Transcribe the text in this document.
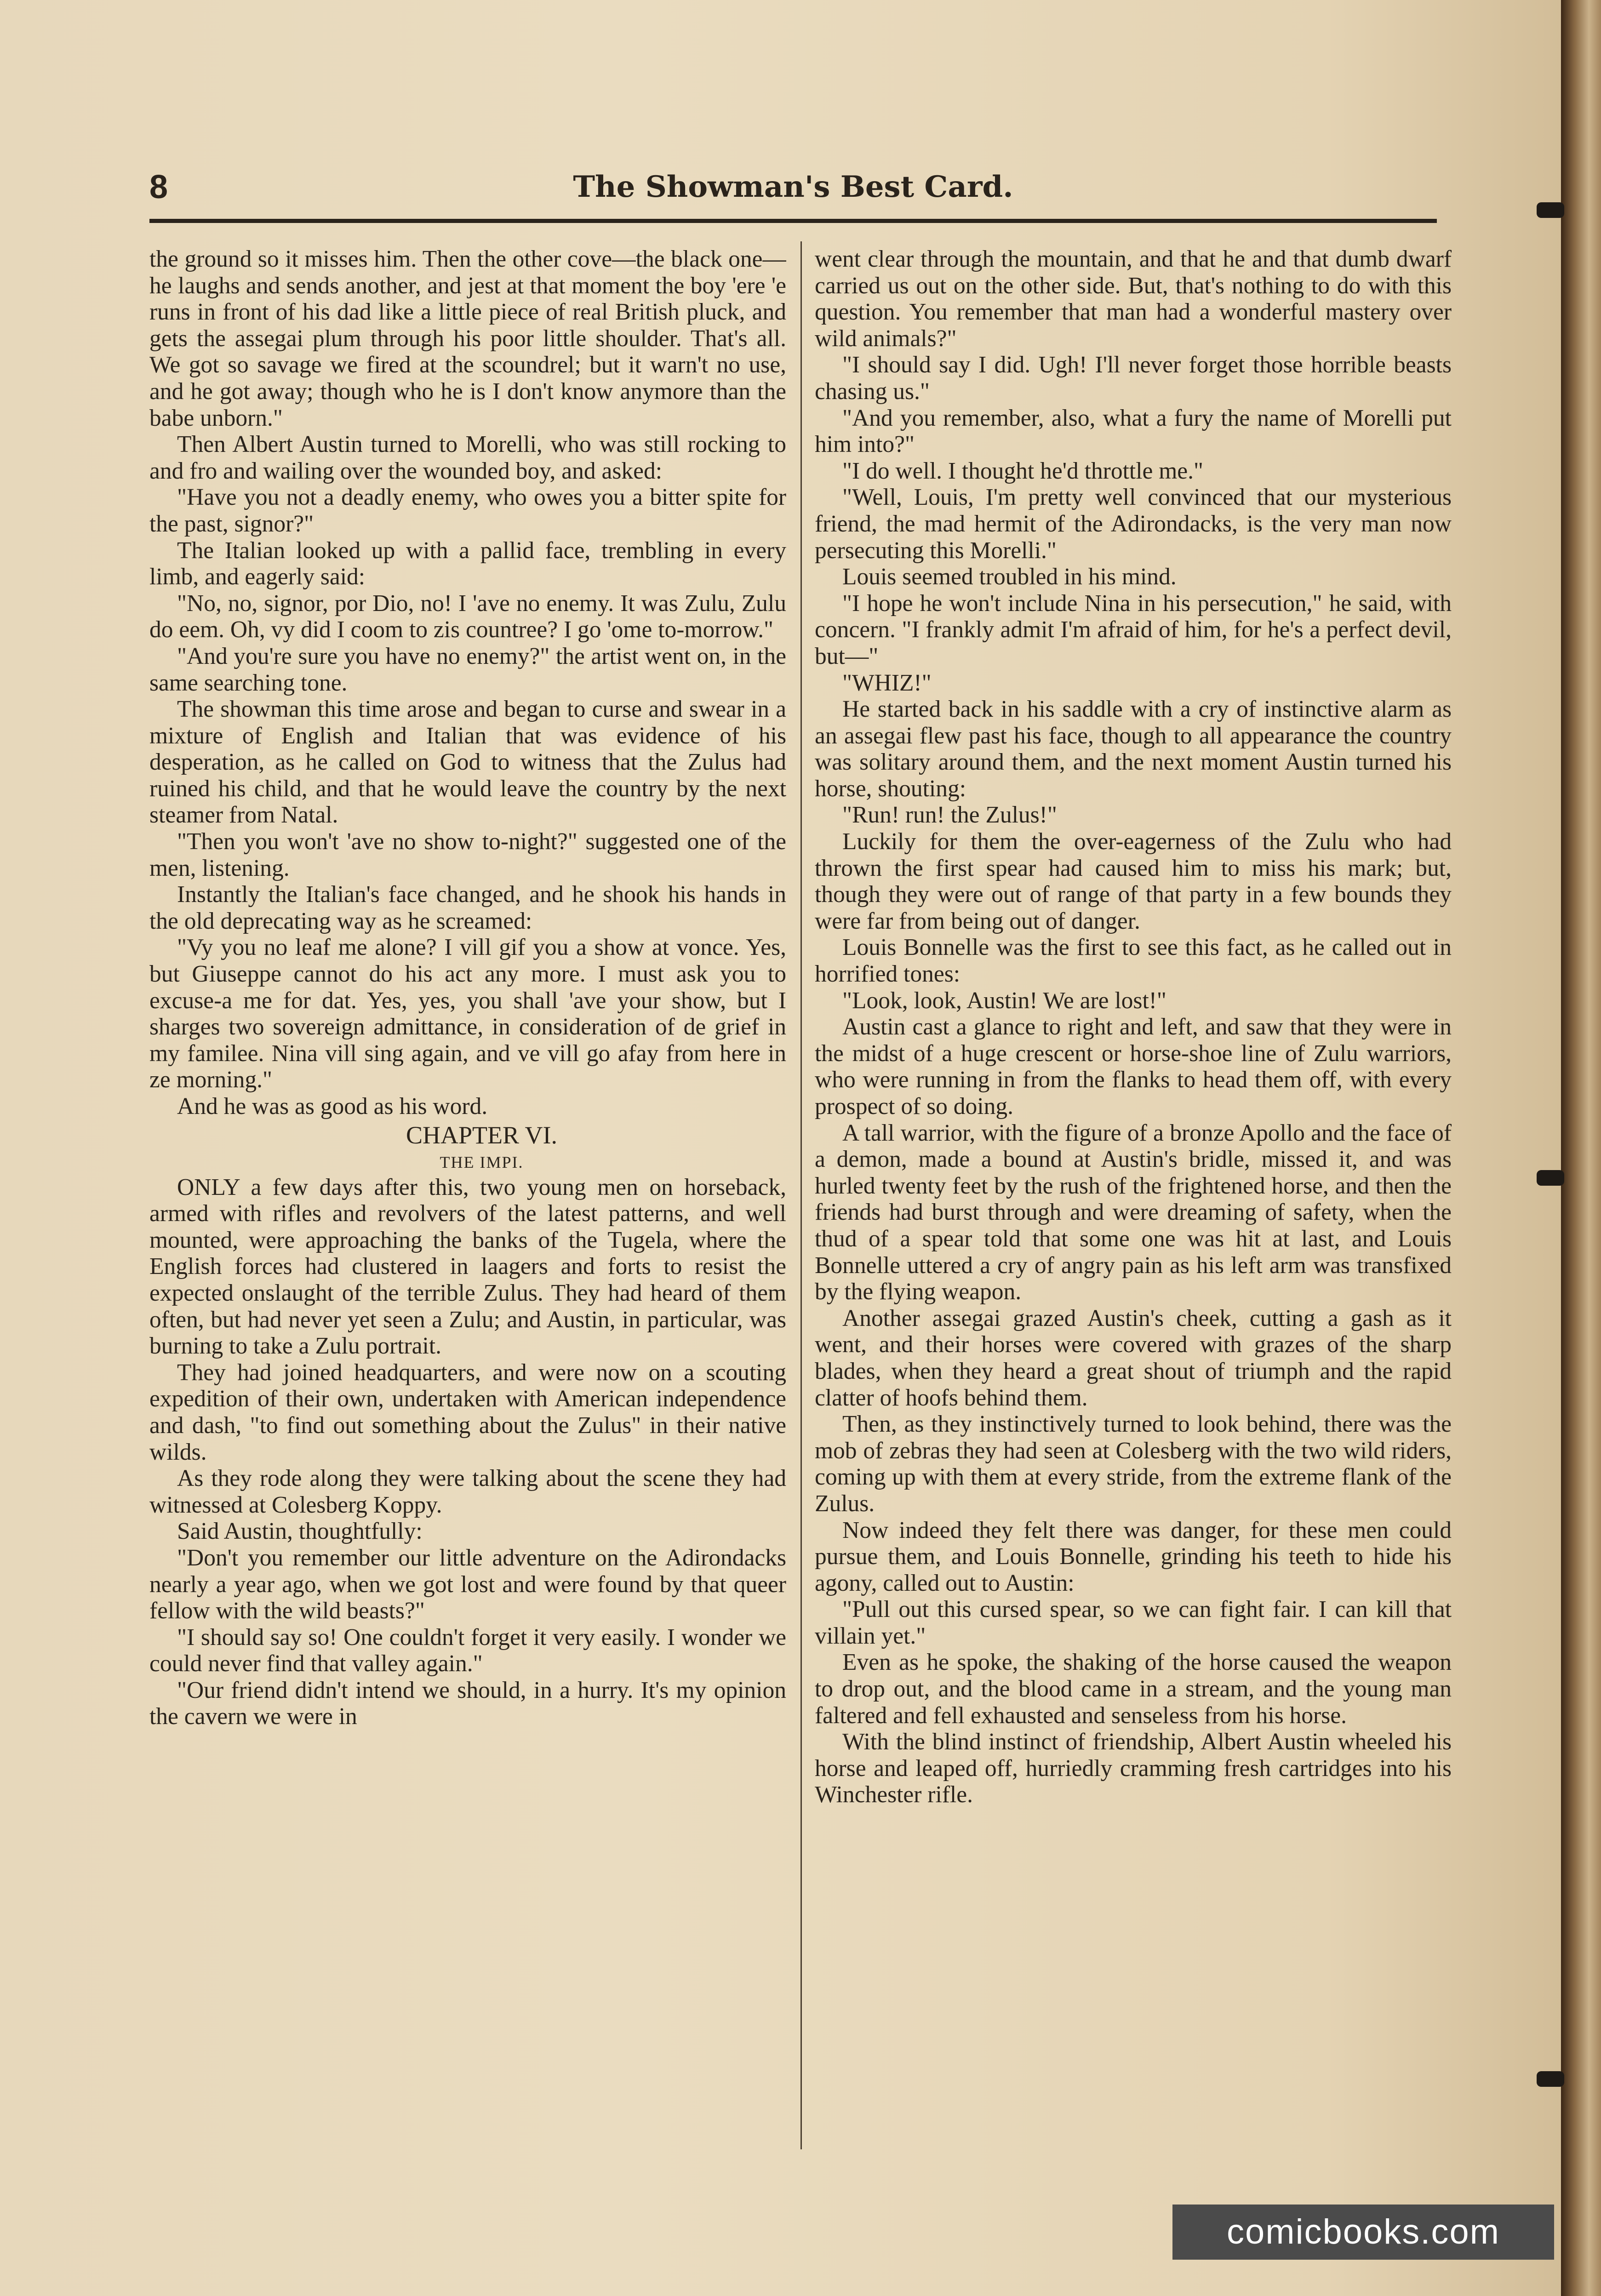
8	The Showman's Best Card.

the ground so it misses him. Then the other cove—the black one—he laughs and sends another, and jest at that moment the boy 'ere 'e runs in front of his dad like a little piece of real British pluck, and gets the assegai plum through his poor little shoulder. That's all. We got so savage we fired at the scoundrel; but it warn't no use, and he got away; though who he is I don't know anymore than the babe unborn."

Then Albert Austin turned to Morelli, who was still rocking to and fro and wailing over the wounded boy, and asked:

"Have you not a deadly enemy, who owes you a bitter spite for the past, signor?"

The Italian looked up with a pallid face, trembling in every limb, and eagerly said:

"No, no, signor, por Dio, no! I 'ave no enemy. It was Zulu, Zulu do eem. Oh, vy did I coom to zis countree? I go 'ome to-morrow."

"And you're sure you have no enemy?" the artist went on, in the same searching tone.

The showman this time arose and began to curse and swear in a mixture of English and Italian that was evidence of his desperation, as he called on God to witness that the Zulus had ruined his child, and that he would leave the country by the next steamer from Natal.

"Then you won't 'ave no show to-night?" suggested one of the men, listening.

Instantly the Italian's face changed, and he shook his hands in the old deprecating way as he screamed:

"Vy you no leaf me alone? I vill gif you a show at vonce. Yes, but Giuseppe cannot do his act any more. I must ask you to excuse-a me for dat. Yes, yes, you shall 'ave your show, but I sharges two sovereign admittance, in consideration of de grief in my familee. Nina vill sing again, and ve vill go afay from here in ze morning."

And he was as good as his word.

CHAPTER VI.

THE IMPI.

ONLY a few days after this, two young men on horseback, armed with rifles and revolvers of the latest patterns, and well mounted, were approaching the banks of the Tugela, where the English forces had clustered in laagers and forts to resist the expected onslaught of the terrible Zulus. They had heard of them often, but had never yet seen a Zulu; and Austin, in particular, was burning to take a Zulu portrait.

They had joined headquarters, and were now on a scouting expedition of their own, undertaken with American independence and dash, "to find out something about the Zulus" in their native wilds.

As they rode along they were talking about the scene they had witnessed at Colesberg Koppy.

Said Austin, thoughtfully:

"Don't you remember our little adventure on the Adirondacks nearly a year ago, when we got lost and were found by that queer fellow with the wild beasts?"

"I should say so! One couldn't forget it very easily. I wonder we could never find that valley again."

"Our friend didn't intend we should, in a hurry. It's my opinion the cavern we were in

went clear through the mountain, and that he and that dumb dwarf carried us out on the other side. But, that's nothing to do with this question. You remember that man had a wonderful mastery over wild animals?"

"I should say I did. Ugh! I'll never forget those horrible beasts chasing us."

"And you remember, also, what a fury the name of Morelli put him into?"

"I do well. I thought he'd throttle me."

"Well, Louis, I'm pretty well convinced that our mysterious friend, the mad hermit of the Adirondacks, is the very man now persecuting this Morelli."

Louis seemed troubled in his mind.

"I hope he won't include Nina in his persecution," he said, with concern. "I frankly admit I'm afraid of him, for he's a perfect devil, but—"

"WHIZ!"

He started back in his saddle with a cry of instinctive alarm as an assegai flew past his face, though to all appearance the country was solitary around them, and the next moment Austin turned his horse, shouting:

"Run! run! the Zulus!"

Luckily for them the over-eagerness of the Zulu who had thrown the first spear had caused him to miss his mark; but, though they were out of range of that party in a few bounds they were far from being out of danger.

Louis Bonnelle was the first to see this fact, as he called out in horrified tones:

"Look, look, Austin! We are lost!"

Austin cast a glance to right and left, and saw that they were in the midst of a huge crescent or horse-shoe line of Zulu warriors, who were running in from the flanks to head them off, with every prospect of so doing.

A tall warrior, with the figure of a bronze Apollo and the face of a demon, made a bound at Austin's bridle, missed it, and was hurled twenty feet by the rush of the frightened horse, and then the friends had burst through and were dreaming of safety, when the thud of a spear told that some one was hit at last, and Louis Bonnelle uttered a cry of angry pain as his left arm was transfixed by the flying weapon.

Another assegai grazed Austin's cheek, cutting a gash as it went, and their horses were covered with grazes of the sharp blades, when they heard a great shout of triumph and the rapid clatter of hoofs behind them.

Then, as they instinctively turned to look behind, there was the mob of zebras they had seen at Colesberg with the two wild riders, coming up with them at every stride, from the extreme flank of the Zulus.

Now indeed they felt there was danger, for these men could pursue them, and Louis Bonnelle, grinding his teeth to hide his agony, called out to Austin:

"Pull out this cursed spear, so we can fight fair. I can kill that villain yet."

Even as he spoke, the shaking of the horse caused the weapon to drop out, and the blood came in a stream, and the young man faltered and fell exhausted and senseless from his horse.

With the blind instinct of friendship, Albert Austin wheeled his horse and leaped off, hurriedly cramming fresh cartridges into his Winchester rifle.

comicbooks.com
